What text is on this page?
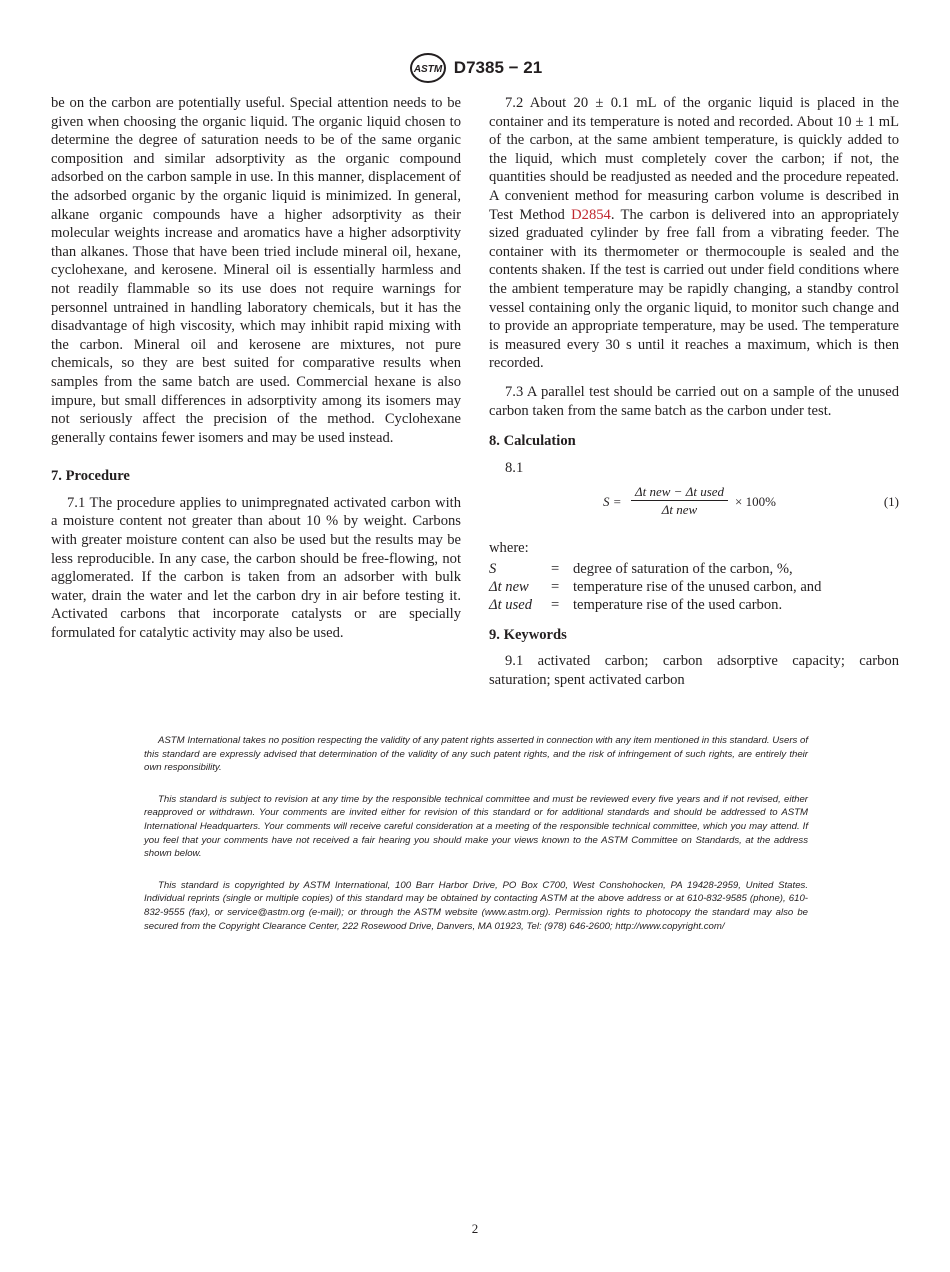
ASTM D7385 − 21

be on the carbon are potentially useful. Special attention needs to be given when choosing the organic liquid. The organic liquid chosen to determine the degree of saturation needs to be of the same organic composition and similar adsorptivity as the organic compound adsorbed on the carbon sample in use. In this manner, displacement of the adsorbed organic by the organic liquid is minimized. In general, alkane organic compounds have a higher adsorptivity as their molecular weights increase and aromatics have a higher adsorptivity than alkanes. Those that have been tried include mineral oil, hexane, cyclohexane, and kerosene. Mineral oil is essentially harmless and not readily flammable so its use does not require warnings for personnel untrained in handling laboratory chemicals, but it has the disadvantage of high viscosity, which may inhibit rapid mixing with the carbon. Mineral oil and kerosene are mixtures, not pure chemicals, so they are best suited for comparative results when samples from the same batch are used. Commercial hexane is also impure, but small differences in adsorptivity among its isomers may not seriously affect the precision of the method. Cyclohexane generally contains fewer isomers and may be used instead.

7. Procedure

7.1 The procedure applies to unimpregnated activated carbon with a moisture content not greater than about 10 % by weight. Carbons with greater moisture content can also be used but the results may be less reproducible. In any case, the carbon should be free-flowing, not agglomerated. If the carbon is taken from an adsorber with bulk water, drain the water and let the carbon dry in air before testing it. Activated carbons that incorporate catalysts or are specially formulated for catalytic activity may also be used.

7.2 About 20 ± 0.1 mL of the organic liquid is placed in the container and its temperature is noted and recorded. About 10 ± 1 mL of the carbon, at the same ambient temperature, is quickly added to the liquid, which must completely cover the carbon; if not, the quantities should be readjusted as needed and the procedure repeated. A convenient method for measuring carbon volume is described in Test Method D2854. The carbon is delivered into an appropriately sized graduated cylinder by free fall from a vibrating feeder. The container with its thermometer or thermocouple is sealed and the contents shaken. If the test is carried out under field conditions where the ambient temperature may be rapidly changing, a standby control vessel containing only the organic liquid, to monitor such change and to provide an appropriate temperature, may be used. The temperature is measured every 30 s until it reaches a maximum, which is then recorded.

7.3 A parallel test should be carried out on a sample of the unused carbon taken from the same batch as the carbon under test.

8. Calculation

8.1

S =
Δt new − Δt used
Δt new
× 100%	(1)

where:

S	=	degree of saturation of the carbon, %,
Δt new	=	temperature rise of the unused carbon, and
Δt used	=	temperature rise of the used carbon.
9. Keywords

9.1 activated carbon; carbon adsorptive capacity; carbon saturation; spent activated carbon

ASTM International takes no position respecting the validity of any patent rights asserted in connection with any item mentioned in this standard. Users of this standard are expressly advised that determination of the validity of any such patent rights, and the risk of infringement of such rights, are entirely their own responsibility.

This standard is subject to revision at any time by the responsible technical committee and must be reviewed every five years and if not revised, either reapproved or withdrawn. Your comments are invited either for revision of this standard or for additional standards and should be addressed to ASTM International Headquarters. Your comments will receive careful consideration at a meeting of the responsible technical committee, which you may attend. If you feel that your comments have not received a fair hearing you should make your views known to the ASTM Committee on Standards, at the address shown below.

This standard is copyrighted by ASTM International, 100 Barr Harbor Drive, PO Box C700, West Conshohocken, PA 19428-2959, United States. Individual reprints (single or multiple copies) of this standard may be obtained by contacting ASTM at the above address or at 610-832-9585 (phone), 610-832-9555 (fax), or service@astm.org (e-mail); or through the ASTM website (www.astm.org). Permission rights to photocopy the standard may also be secured from the Copyright Clearance Center, 222 Rosewood Drive, Danvers, MA 01923, Tel: (978) 646-2600; http://www.copyright.com/

2
